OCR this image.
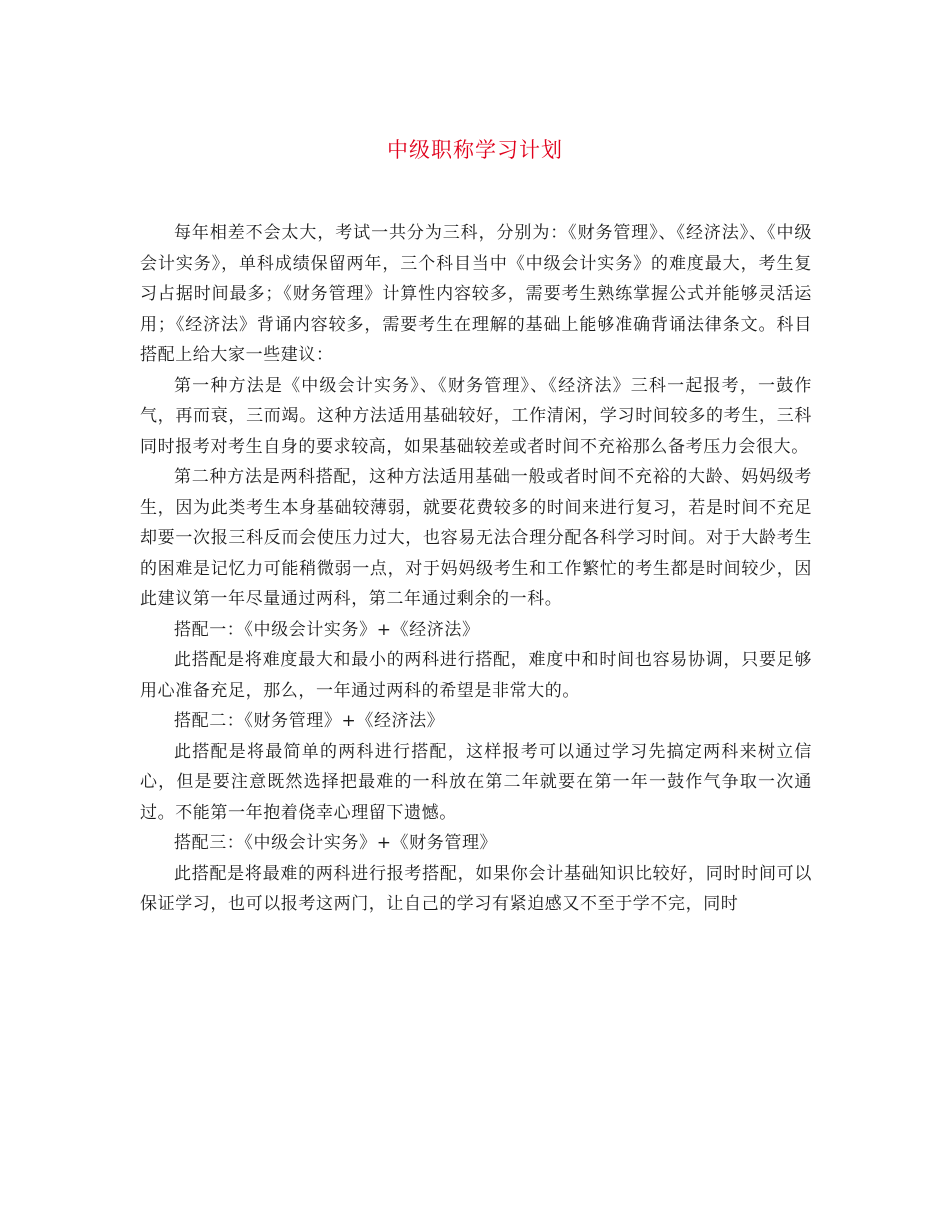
中级职称学习计划

每年相差不会太大，考试一共分为三科，分别为：《财务管理》、《经济法》、《中级会计实务》，单科成绩保留两年，三个科目当中《中级会计实务》的难度最大，考生复习占据时间最多；《财务管理》计算性内容较多，需要考生熟练掌握公式并能够灵活运用；《经济法》背诵内容较多，需要考生在理解的基础上能够准确背诵法律条文。科目搭配上给大家一些建议：

第一种方法是《中级会计实务》、《财务管理》、《经济法》三科一起报考，一鼓作气，再而衰，三而竭。这种方法适用基础较好，工作清闲，学习时间较多的考生，三科同时报考对考生自身的要求较高，如果基础较差或者时间不充裕那么备考压力会很大。

第二种方法是两科搭配，这种方法适用基础一般或者时间不充裕的大龄、妈妈级考生，因为此类考生本身基础较薄弱，就要花费较多的时间来进行复习，若是时间不充足却要一次报三科反而会使压力过大，也容易无法合理分配各科学习时间。对于大龄考生的困难是记忆力可能稍微弱一点，对于妈妈级考生和工作繁忙的考生都是时间较少，因此建议第一年尽量通过两科，第二年通过剩余的一科。

搭配一：《中级会计实务》+《经济法》

此搭配是将难度最大和最小的两科进行搭配，难度中和时间也容易协调，只要足够用心准备充足，那么，一年通过两科的希望是非常大的。

搭配二：《财务管理》+《经济法》

此搭配是将最简单的两科进行搭配，这样报考可以通过学习先搞定两科来树立信心，但是要注意既然选择把最难的一科放在第二年就要在第一年一鼓作气争取一次通过。不能第一年抱着侥幸心理留下遗憾。

搭配三：《中级会计实务》+《财务管理》

此搭配是将最难的两科进行报考搭配，如果你会计基础知识比较好，同时时间可以保证学习，也可以报考这两门，让自己的学习有紧迫感又不至于学不完，同时
